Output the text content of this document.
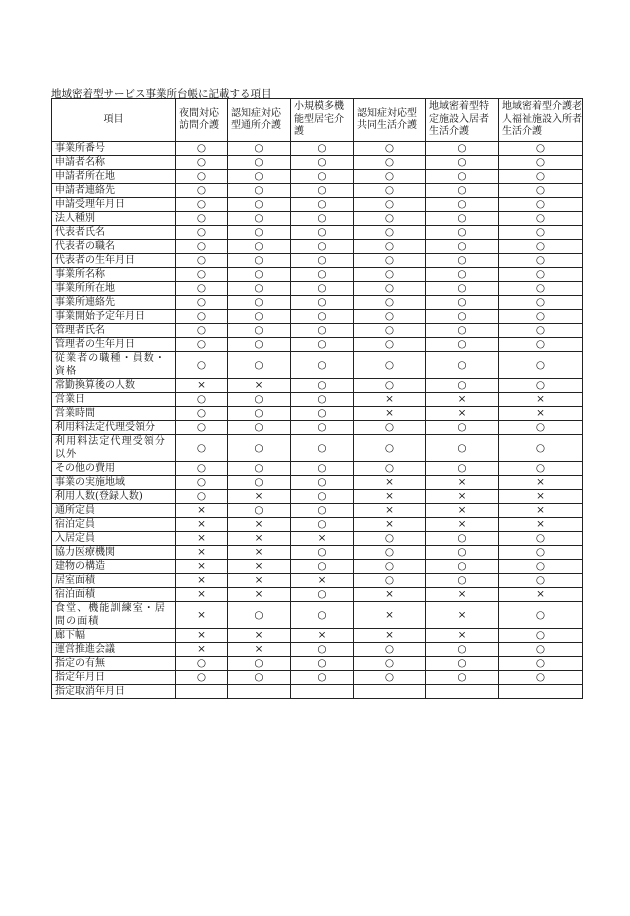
地域密着型サービス事業所台帳に記載する項目
項目	夜間対応訪問介護	認知症対応型通所介護	小規模多機能型居宅介護	認知症対応型共同生活介護	地域密着型特定施設入居者生活介護	地域密着型介護老人福祉施設入所者生活介護
事業所番号	○	○	○	○	○	○
申請者名称	○	○	○	○	○	○
申請者所在地	○	○	○	○	○	○
申請者連絡先	○	○	○	○	○	○
申請受理年月日	○	○	○	○	○	○
法人種別	○	○	○	○	○	○
代表者氏名	○	○	○	○	○	○
代表者の職名	○	○	○	○	○	○
代表者の生年月日	○	○	○	○	○	○
事業所名称	○	○	○	○	○	○
事業所所在地	○	○	○	○	○	○
事業所連絡先	○	○	○	○	○	○
事業開始予定年月日	○	○	○	○	○	○
管理者氏名	○	○	○	○	○	○
管理者の生年月日	○	○	○	○	○	○
従業者の職種・員数・資格	○	○	○	○	○	○
常勤換算後の人数	×	×	○	○	○	○
営業日	○	○	○	×	×	×
営業時間	○	○	○	×	×	×
利用料法定代理受領分	○	○	○	○	○	○
利用料法定代理受領分以外	○	○	○	○	○	○
その他の費用	○	○	○	○	○	○
事業の実施地域	○	○	○	×	×	×
利用人数(登録人数)	○	×	○	×	×	×
通所定員	×	○	○	×	×	×
宿泊定員	×	×	○	×	×	×
入居定員	×	×	×	○	○	○
協力医療機関	×	×	○	○	○	○
建物の構造	×	×	○	○	○	○
居室面積	×	×	×	○	○	○
宿泊面積	×	×	○	×	×	×
食堂、機能訓練室・居間の面積	×	○	○	×	×	○
廊下幅	×	×	×	×	×	○
運営推進会議	×	×	○	○	○	○
指定の有無	○	○	○	○	○	○
指定年月日	○	○	○	○	○	○
指定取消年月日						
